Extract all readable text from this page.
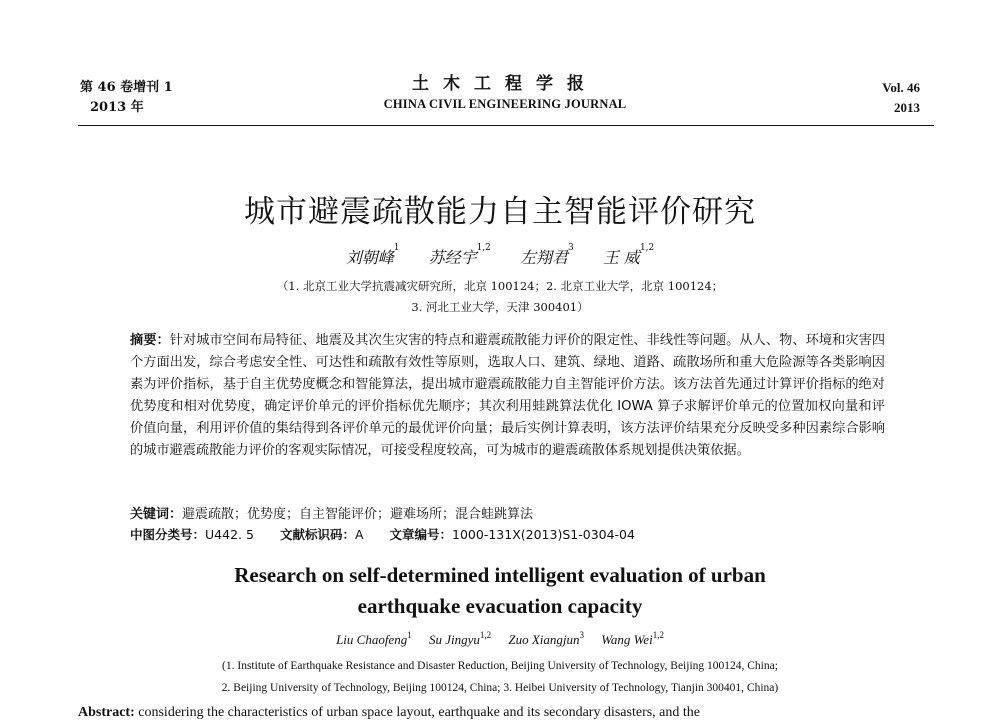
第 46 卷增刊 1
2013 年
土木工程学报
CHINA CIVIL ENGINEERING JOURNAL
Vol. 46
2013
城市避震疏散能力自主智能评价研究
刘朝峰$^1$ 苏经宇$^{1,2}$ 左翔君$^3$ 王 威$^{1,2}$
（1. 北京工业大学抗震减灾研究所，北京 100124；2. 北京工业大学，北京 100124；
3. 河北工业大学，天津 300401）
摘要：针对城市空间布局特征、地震及其次生灾害的特点和避震疏散能力评价的限定性、非线性等问题。从人、物、环境和灾害四个方面出发，综合考虑安全性、可达性和疏散有效性等原则，选取人口、建筑、绿地、道路、疏散场所和重大危险源等各类影响因素为评价指标，基于自主优势度概念和智能算法，提出城市避震疏散能力自主智能评价方法。该方法首先通过计算评价指标的绝对优势度和相对优势度，确定评价单元的评价指标优先顺序；其次利用蛙跳算法优化 IOWA 算子求解评价单元的位置加权向量和评价值向量，利用评价值的集结得到各评价单元的最优评价向量；最后实例计算表明，该方法评价结果充分反映受多种因素综合影响的城市避震疏散能力评价的客观实际情况，可接受程度较高，可为城市的避震疏散体系规划提供决策依据。
关键词：避震疏散；优势度；自主智能评价；避难场所；混合蛙跳算法
中图分类号：U442. 5 文献标识码：A 文章编号：1000-131X(2013)S1-0304-04
Research on self-determined intelligent evaluation of urban
earthquake evacuation capacity
Liu Chaofeng$^1$ Su Jingyu$^{1,2}$ Zuo Xiangjun$^3$ Wang Wei$^{1,2}$
(1. Institute of Earthquake Resistance and Disaster Reduction, Beijing University of Technology, Beijing 100124, China;
2. Beijing University of Technology, Beijing 100124, China; 3. Heibei University of Technology, Tianjin 300401, China)
Abstract: considering the characteristics of urban space layout, earthquake and its secondary disasters, and the
